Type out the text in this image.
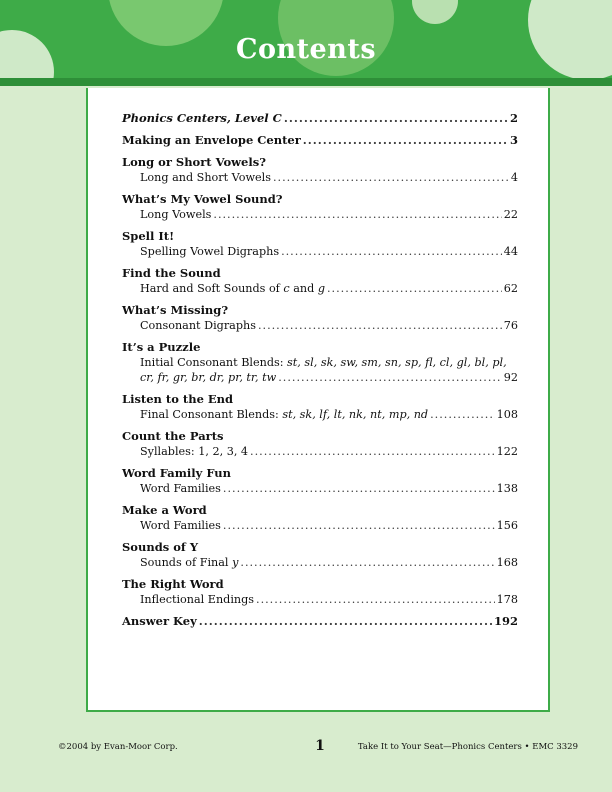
Contents
Phonics Centers, Level C .....	2
Making an Envelope Center .....	3
Long or Short Vowels?
Long and Short Vowels .....	4
What’s My Vowel Sound?
Long Vowels .....	22
Spell It!
Spelling Vowel Digraphs .....	44
Find the Sound
Hard and Soft Sounds of c and g .....	62
What’s Missing?
Consonant Digraphs .....	76
It’s a Puzzle
Initial Consonant Blends: st, sl, sk, sw, sm, sn, sp, fl, cl, gl, bl, pl,
cr, fr, gr, br, dr, pr, tr, tw .....	92
Listen to the End
Final Consonant Blends: st, sk, lf, lt, nk, nt, mp, nd .....	108
Count the Parts
Syllables: 1, 2, 3, 4 .....	122
Word Family Fun
Word Families .....	138
Make a Word
Word Families .....	156
Sounds of Y
Sounds of Final y .....	168
The Right Word
Inflectional Endings .....	178
Answer Key .....	192
©2004 by Evan-Moor Corp.	1	Take It to Your Seat—Phonics Centers • EMC 3329
